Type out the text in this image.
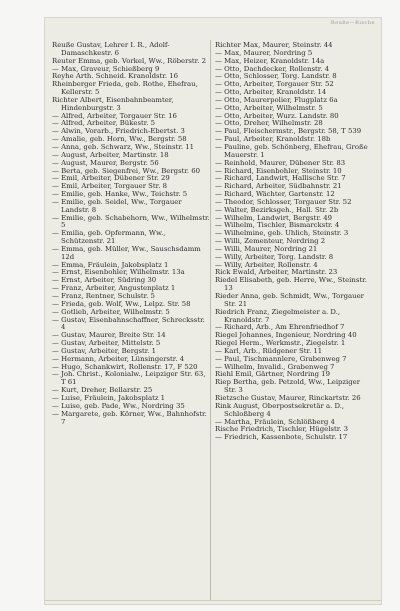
Reuße—Rische
Reuße Gustav, Lehrer I. R., Adolf-Damaschkestr. 6
Reuter Emma, geb. Vorkel, Ww., Röberstr. 2
— Max, Graveur, Schießberg 9
Reyhe Arth. Schneid. Kranoldstr. 16
Rheinberger Frieda, geb. Rothe, Ehefrau, Kellerstr. 5
Richter Albert, Eisenbahnbeamter, Hindenburgstr. 3
— Alfred, Arbeiter, Torgauer Str. 16
— Alfred, Arbeiter, Bükestr. 5
— Alwin, Vorarb., Friedrich-Ebertst. 3
— Amalie, geb. Horn, Ww., Bergstr. 58
— Anna, geb. Schwarz, Ww., Steinstr. 11
— August, Arbeiter, Martinstr. 18
— August, Maurer, Bergstr. 56
— Berta, geb. Siegenfrei, Ww., Bergstr. 60
— Emil, Arbeiter, Dübener Str. 29
— Emil, Arbeiter, Torgauer Str. 8
— Emilie, geb. Hanke, Ww., Teichstr. 5
— Emilie, geb. Seidel, Ww., Torgauer Landstr. 8
— Emilie, geb. Schabehorn, Ww., Wilhelmstr. 5
— Emilia, geb. Opfermann, Ww., Schützenstr. 21
— Emma, geb. Müller, Ww., Sauschsdamm 12d
— Emma, Fräulein, Jakobsplatz 1
— Ernst, Eisenbohler, Wilhelmstr. 13a
— Ernst, Arbeiter, Südring 30
— Franz, Arbeiter, Angustenplatz 1
— Franz, Rentner, Schulstr. 5
— Frieda, geb. Wolf, Ww., Lelpz. Str. 58
— Gotlieb, Arbeiter, Wilhelmstr. 5
— Gustav, Eisenbahnschaffner, Schrecksstr. 4
— Gustav, Maurer, Breite Str. 14
— Gustav, Arbeiter, Mittelstr. 5
— Gustav, Arbeiter, Bergstr. 1
— Hermann, Arbeiter, Lünsingerstr. 4
— Hugo, Schankwirt, Rollenstr. 17, F 520
— Joh. Christ., Kolonialw., Leipziger Str. 63, T 61
— Kurt, Dreher, Bellarstr. 25
— Luise, Fräulein, Jakobsplatz 1
— Luise, geb. Pade, Ww., Nordring 35
— Margarete, geb. Körner, Ww., Bahnhofstr. 7
Richter Max, Maurer, Steinstr. 44
— Max, Maurer, Nordring 5
— Max, Heizer, Kranoldstr. 14a
— Otto, Dachdecker, Rollenstr. 4
— Otto, Schlosser, Torg. Landstr. 8
— Otto, Arbeiter, Torgauer Str. 52
— Otto, Arbeiter, Kranoldstr. 14
— Otto, Maurerpolier, Flugplatz 6a
— Otto, Arbeiter, Wilhelmstr. 5
— Otto, Arbeiter, Wurz. Landstr. 80
— Otto, Dreher, Wilhelmstr. 28
— Paul, Fleischermstr., Bergstr. 58, T 539
— Paul, Arbeiter, Kranoldstr. 18b
— Pauline, geb. Schönberg, Ehefrau, Große Mauerstr. 1
— Reinhold, Maurer, Dübener Str. 83
— Richard, Eisenbohler, Steinstr. 10
— Richard, Landwirt, Hallische Str. 7
— Richard, Arbeiter, Südbahnstr. 21
— Richard, Wächter, Gartenstr. 12
— Theodor, Schlosser, Torgauer Str. 52
— Walter, Bezirksgeh., Hall. Str. 2b
— Wilhelm, Landwirt, Bergstr. 49
— Wilhelm, Tischler, Bismarckstr. 4
— Wilhelmine, geb. Uhlich, Steinstr. 3
— Willi, Zementeur, Nordring 2
— Willi, Maurer, Nordring 21
— Willy, Arbeiter, Torg. Landstr. 8
— Willy, Arbeiter, Rollenstr. 4
Rick Ewald, Arbeiter, Martinstr. 23
Riedel Elisabeth, geb. Herre, Ww., Steinstr. 13
Rieder Anna, geb. Schmidt, Ww., Torgauer Str. 21
Riedrich Franz, Ziegelmeister a. D., Kranoldstr. 7
— Richard, Arb., Am Ehrenfriedhof 7
Riegel Johannes, Ingenieur, Nordring 40
Riegel Herm., Werkmstr., Ziegelstr. 1
— Karl, Arb., Rüdgener Str. 11
— Paul, Tischmannlere, Grabenweg 7
— Wilhelm, Invalid., Grabenweg 7
Riehl Emil, Gärtner, Nordring 19
Riep Bertha, geb. Petzold, Ww., Leipziger Str. 3
Rietzsche Gustav, Maurer, Rinckartstr. 26
Rink August, Oberpostsekretär a. D., Schloßberg 4
— Martha, Fräulein, Schlößberg 4
Rische Friedrich, Tischler, Hügelstr. 3
— Friedrich, Kassenbote, Schulstr. 17
